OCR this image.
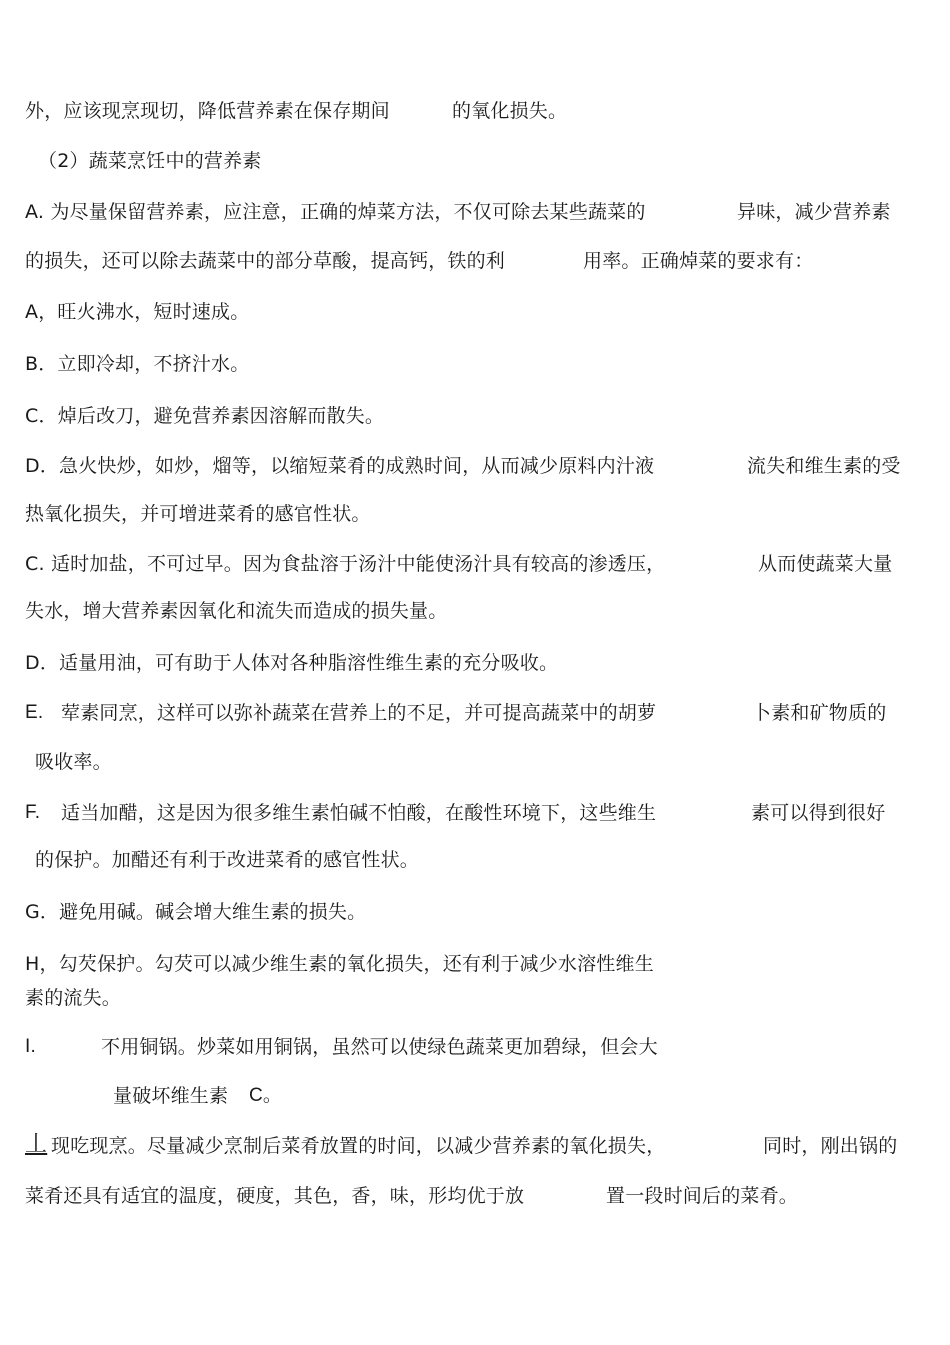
外，应该现烹现切，降低营养素在保存期间	的氧化损失。
（2）蔬菜烹饪中的营养素
A. 为尽量保留营养素，应注意，正确的焯菜方法，不仅可除去某些蔬菜的	异味，减少营养素
的损失，还可以除去蔬菜中的部分草酸，提高钙，铁的利	用率。正确焯菜的要求有：
A，旺火沸水，短时速成。
B．立即冷却，不挤汁水。
C．焯后改刀，避免营养素因溶解而散失。
D．急火快炒，如炒，熘等，以缩短菜肴的成熟时间，从而减少原料内汁液	流失和维生素的受
热氧化损失，并可增进菜肴的感官性状。
C. 适时加盐，不可过早。因为食盐溶于汤汁中能使汤汁具有较高的渗透压，	从而使蔬菜大量
失水，增大营养素因氧化和流失而造成的损失量。
D．适量用油，可有助于人体对各种脂溶性维生素的充分吸收。
E. 荤素同烹，这样可以弥补蔬菜在营养上的不足，并可提高蔬菜中的胡萝	卜素和矿物质的
吸收率。
F. 适当加醋，这是因为很多维生素怕碱不怕酸，在酸性环境下，这些维生	素可以得到很好
的保护。加醋还有利于改进菜肴的感官性状。
G．避免用碱。碱会增大维生素的损失。
H，勾芡保护。勾芡可以减少维生素的氧化损失，还有利于减少水溶性维生
素的流失。
I.	不用铜锅。炒菜如用铜锅，虽然可以使绿色蔬菜更加碧绿，但会大
量破坏维生素 C。
丄 现吃现烹。尽量减少烹制后菜肴放置的时间，以减少营养素的氧化损失，	同时，刚出锅的
菜肴还具有适宜的温度，硬度，其色，香，味，形均优于放	置一段时间后的菜肴。
